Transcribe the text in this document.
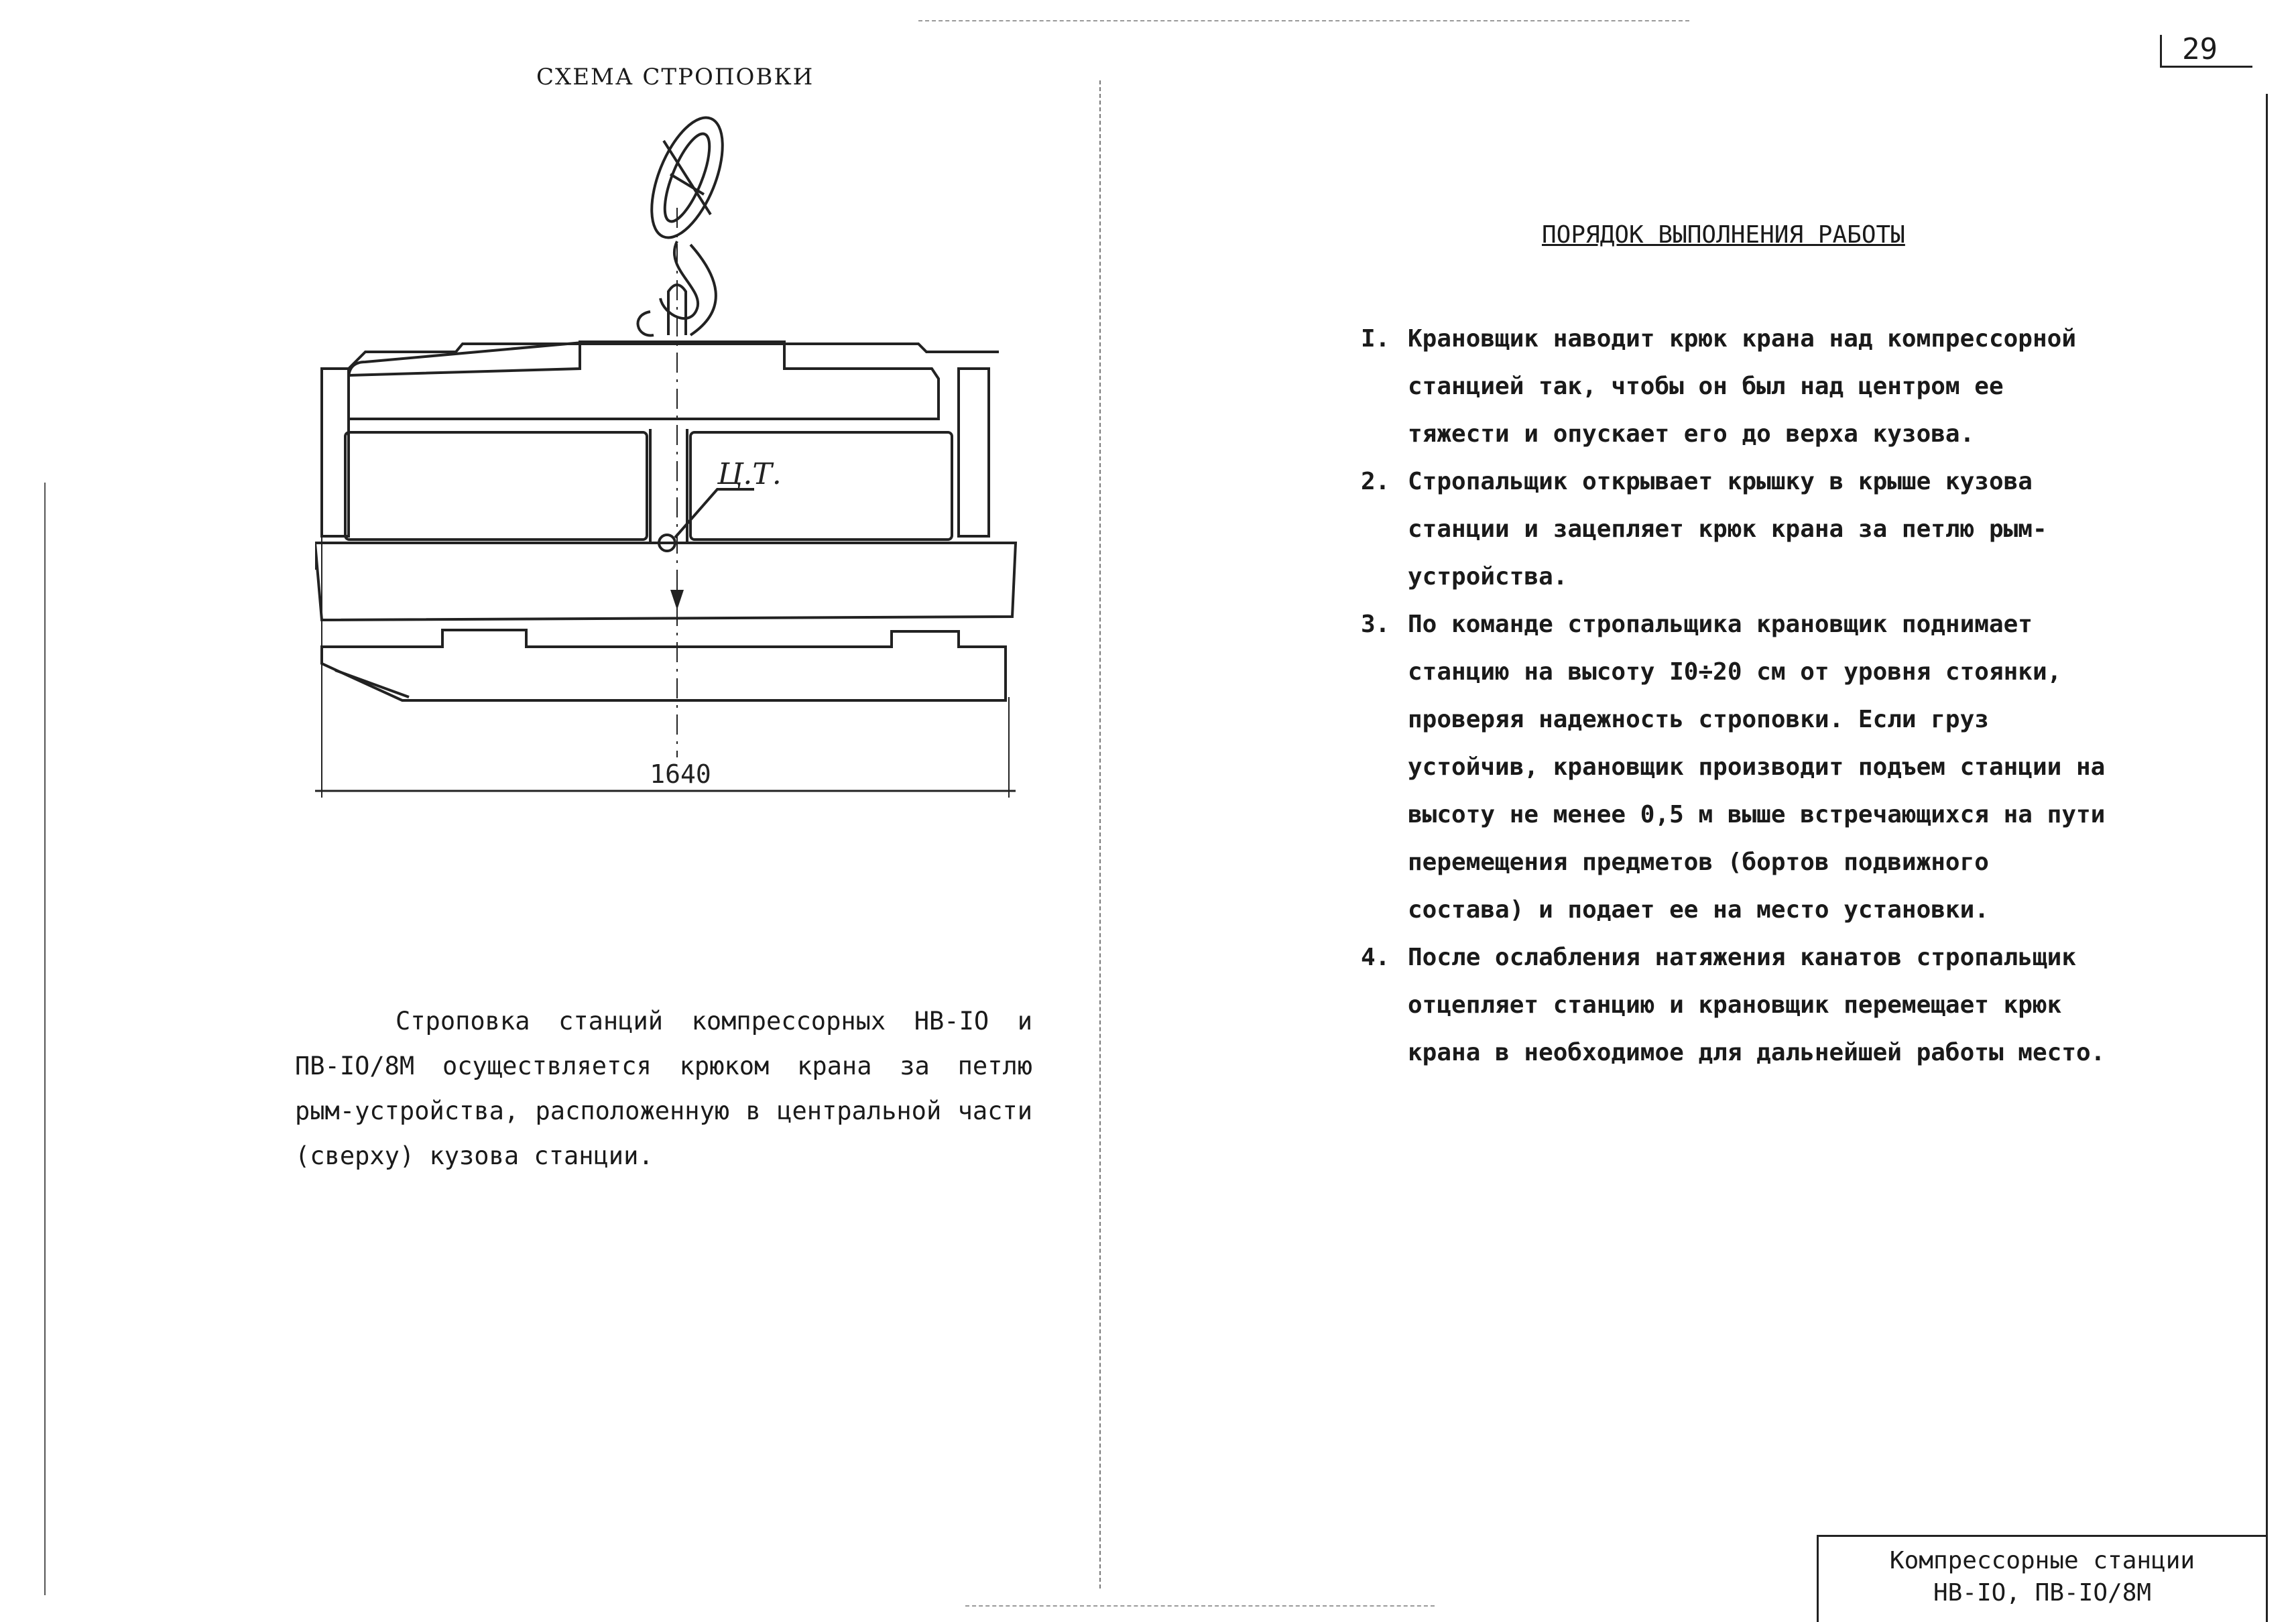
29
СХЕМА СТРОПОВКИ
Ц.Т.
1640
Строповка станций компрессорных НВ-IO и ПВ-IO/8М осуществляется крюком крана за петлю рым-устройства, расположенную в центральной части (сверху) кузова станции.
ПОРЯДОК ВЫПОЛНЕНИЯ РАБОТЫ
I. Крановщик наводит крюк крана над компрессорной станцией так, чтобы он был над центром ее тяжести и опускает его до верха кузова.
2. Стропальщик открывает крышку в крыше кузова станции и зацепляет крюк крана за петлю рым-устройства.
3. По команде стропальщика крановщик поднимает станцию на высоту I0÷20 см от уровня стоянки, проверяя надежность строповки. Если груз устойчив, крановщик производит подъем станции на высоту не менее 0,5 м выше встречающихся на пути перемещения предметов (бортов подвижного состава) и подает ее на место установки.
4. После ослабления натяжения канатов стропальщик отцепляет станцию и крановщик перемещает крюк крана в необходимое для дальнейшей работы место.
Компрессорные станции
НВ-IO, ПВ-IO/8М
